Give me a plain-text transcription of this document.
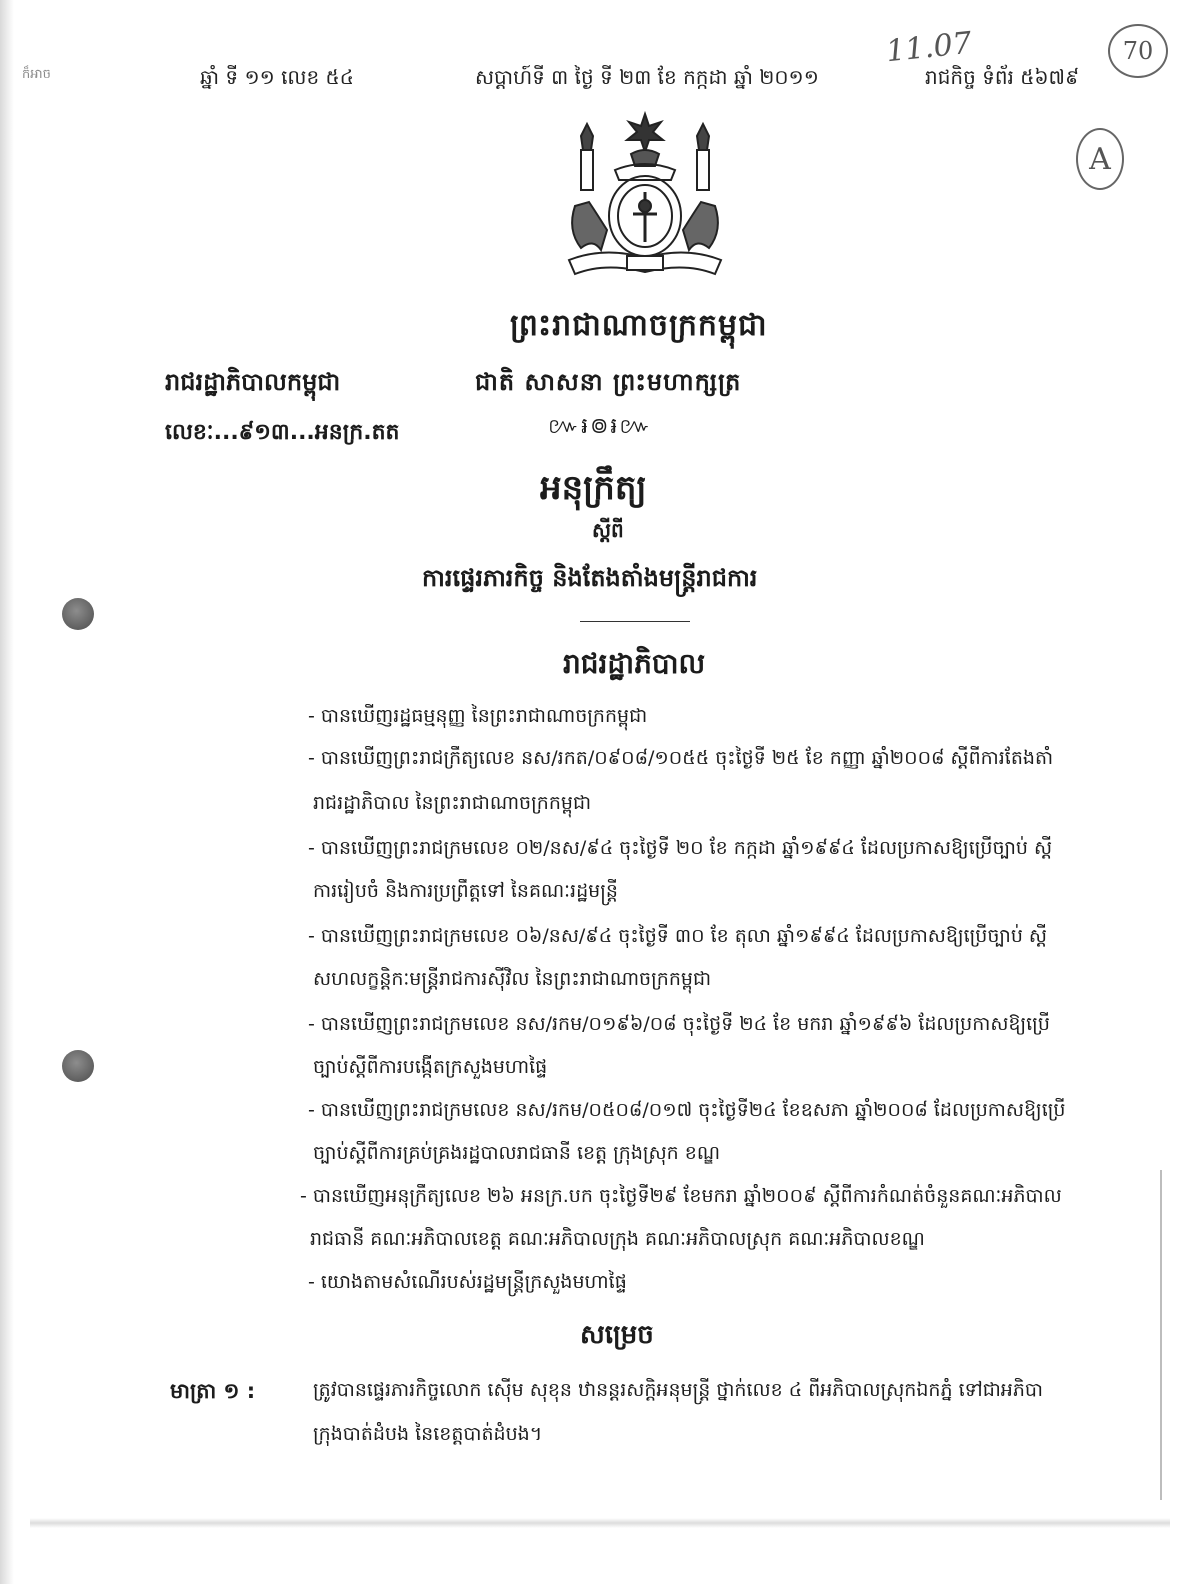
ក៏អាច	ឆ្នាំ ទី ១១ លេខ ៥៤	សប្តាហ៍ទី ៣ ថ្ងៃ ទី ២៣ ខែ កក្កដា ឆ្នាំ ២០១១	រាជកិច្ច ទំព័រ ៥៦៧៩
11.07	70
A
ព្រះរាជាណាចក្រកម្ពុជា
រាជរដ្ឋាភិបាលកម្ពុជា	ជាតិ សាសនា ព្រះមហាក្សត្រ
លេខៈ...៩១៣...អនក្រ.តត	៚៛៙៛៚
អនុក្រឹត្យ
ស្តីពី
ការផ្ទេរភារកិច្ច និងតែងតាំងមន្ត្រីរាជការ
រាជរដ្ឋាភិបាល
- បានឃើញរដ្ឋធម្មនុញ្ញ នៃព្រះរាជាណាចក្រកម្ពុជា
- បានឃើញព្រះរាជក្រឹត្យលេខ នស/រកត/០៩០៨/១០៥៥ ចុះថ្ងៃទី ២៥ ខែ កញ្ញា ឆ្នាំ២០០៨ ស្តីពីការតែងតាំ
រាជរដ្ឋាភិបាល នៃព្រះរាជាណាចក្រកម្ពុជា
- បានឃើញព្រះរាជក្រមលេខ ០២/នស/៩៤ ចុះថ្ងៃទី ២០ ខែ កក្កដា ឆ្នាំ១៩៩៤ ដែលប្រកាសឱ្យប្រើច្បាប់ ស្តី
ការរៀបចំ និងការប្រព្រឹត្តទៅ នៃគណៈរដ្ឋមន្ត្រី
- បានឃើញព្រះរាជក្រមលេខ ០៦/នស/៩៤ ចុះថ្ងៃទី ៣០ ខែ តុលា ឆ្នាំ១៩៩៤ ដែលប្រកាសឱ្យប្រើច្បាប់ ស្តី
សហលក្ខន្តិកៈមន្ត្រីរាជការស៊ីវិល នៃព្រះរាជាណាចក្រកម្ពុជា
- បានឃើញព្រះរាជក្រមលេខ នស/រកម/០១៩៦/០៨ ចុះថ្ងៃទី ២៤ ខែ មករា ឆ្នាំ១៩៩៦ ដែលប្រកាសឱ្យប្រើ
ច្បាប់ស្តីពីការបង្កើតក្រសួងមហាផ្ទៃ
- បានឃើញព្រះរាជក្រមលេខ នស/រកម/០៥០៨/០១៧ ចុះថ្ងៃទី២៤ ខែឧសភា ឆ្នាំ២០០៨ ដែលប្រកាសឱ្យប្រើ
ច្បាប់ស្តីពីការគ្រប់គ្រងរដ្ឋបាលរាជធានី ខេត្ត ក្រុងស្រុក ខណ្ឌ
- បានឃើញអនុក្រឹត្យលេខ ២៦ អនក្រ.បក ចុះថ្ងៃទី២៩ ខែមករា ឆ្នាំ២០០៩ ស្តីពីការកំណត់ចំនួនគណៈអភិបាល
រាជធានី គណៈអភិបាលខេត្ត គណៈអភិបាលក្រុង គណៈអភិបាលស្រុក គណៈអភិបាលខណ្ឌ
- យោងតាមសំណើរបស់រដ្ឋមន្ត្រីក្រសួងមហាផ្ទៃ
សម្រេច
មាត្រា ១ :	ត្រូវបានផ្ទេរភារកិច្ចលោក ស៊ើម សុខុន ឋានន្តរសក្តិអនុមន្ត្រី ថ្នាក់លេខ ៤ ពីអភិបាលស្រុកឯកភ្នំ ទៅជាអភិបា
ក្រុងបាត់ដំបង នៃខេត្តបាត់ដំបង។
